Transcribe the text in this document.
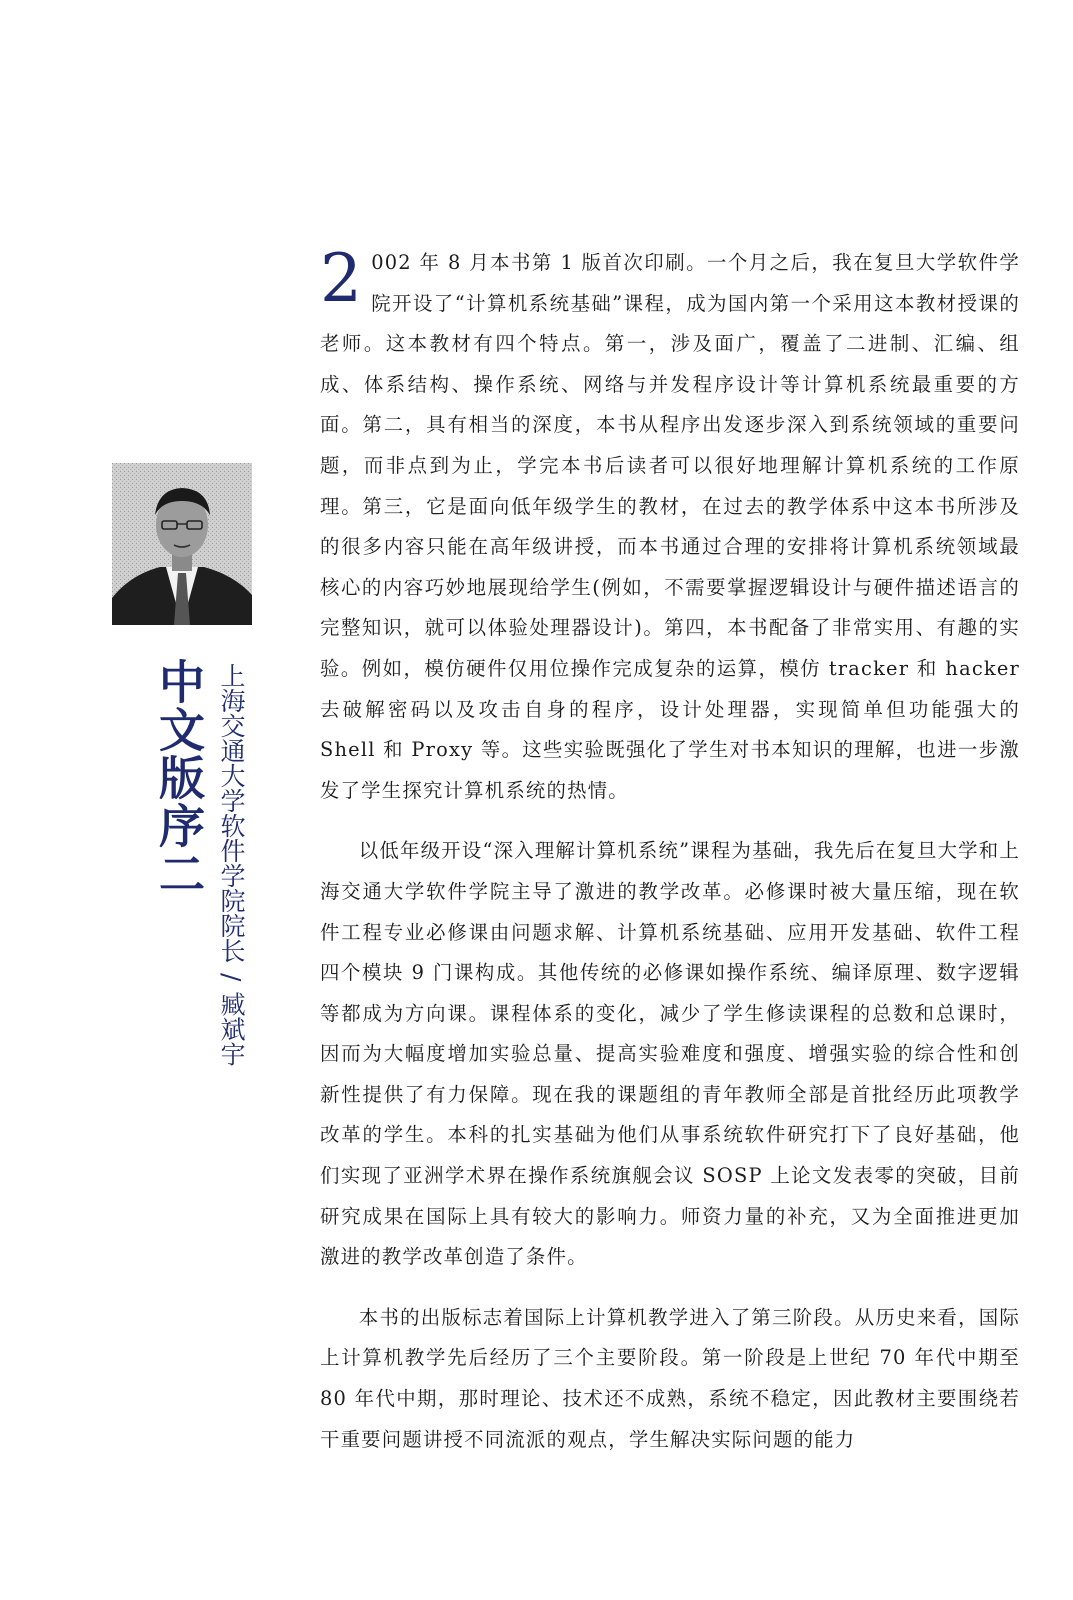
中文版序二 上海交通大学软件学院院长/臧斌宇

2 002 年 8 月本书第 1 版首次印刷。一个月之后，我在复旦大学软件学院开设了“计算机系统基础”课程，成为国内第一个采用这本教材授课的老师。这本教材有四个特点。第一，涉及面广，覆盖了二进制、汇编、组成、体系结构、操作系统、网络与并发程序设计等计算机系统最重要的方面。第二，具有相当的深度，本书从程序出发逐步深入到系统领域的重要问题，而非点到为止，学完本书后读者可以很好地理解计算机系统的工作原理。第三，它是面向低年级学生的教材，在过去的教学体系中这本书所涉及的很多内容只能在高年级讲授，而本书通过合理的安排将计算机系统领域最核心的内容巧妙地展现给学生(例如，不需要掌握逻辑设计与硬件描述语言的完整知识，就可以体验处理器设计)。第四，本书配备了非常实用、有趣的实验。例如，模仿硬件仅用位操作完成复杂的运算，模仿 tracker 和 hacker 去破解密码以及攻击自身的程序，设计处理器，实现简单但功能强大的 Shell 和 Proxy 等。这些实验既强化了学生对书本知识的理解，也进一步激发了学生探究计算机系统的热情。

以低年级开设“深入理解计算机系统”课程为基础，我先后在复旦大学和上海交通大学软件学院主导了激进的教学改革。必修课时被大量压缩，现在软件工程专业必修课由问题求解、计算机系统基础、应用开发基础、软件工程四个模块 9 门课构成。其他传统的必修课如操作系统、编译原理、数字逻辑等都成为方向课。课程体系的变化，减少了学生修读课程的总数和总课时，因而为大幅度增加实验总量、提高实验难度和强度、增强实验的综合性和创新性提供了有力保障。现在我的课题组的青年教师全部是首批经历此项教学改革的学生。本科的扎实基础为他们从事系统软件研究打下了良好基础，他们实现了亚洲学术界在操作系统旗舰会议 SOSP 上论文发表零的突破，目前研究成果在国际上具有较大的影响力。师资力量的补充，又为全面推进更加激进的教学改革创造了条件。

本书的出版标志着国际上计算机教学进入了第三阶段。从历史来看，国际上计算机教学先后经历了三个主要阶段。第一阶段是上世纪 70 年代中期至 80 年代中期，那时理论、技术还不成熟，系统不稳定，因此教材主要围绕若干重要问题讲授不同流派的观点，学生解决实际问题的能力
